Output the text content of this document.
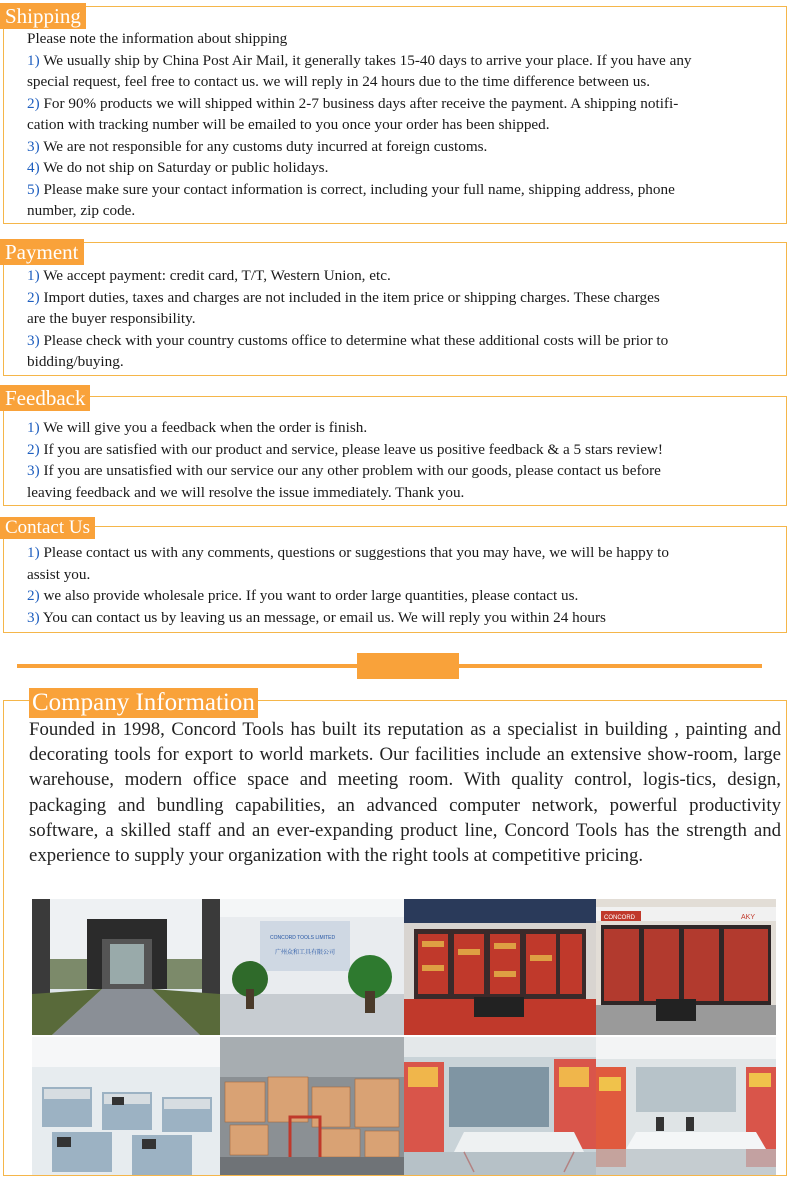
Shipping
Please note the information about shipping
1) We usually ship by China Post Air Mail, it generally takes 15-40 days to arrive your place. If you have any
special request, feel free to contact us. we will reply in 24 hours due to the time difference between us.
2) For 90% products we will shipped within 2-7 business days after receive the payment. A shipping notifi-
cation with tracking number will be emailed to you once your order has been shipped.
3) We are not responsible for any customs duty incurred at foreign customs.
4) We do not ship on Saturday or public holidays.
5) Please make sure your contact information is correct, including your full name, shipping address, phone
number, zip code.
Payment
1) We accept payment: credit card, T/T, Western Union, etc.
2) Import duties, taxes and charges are not included in the item price or shipping charges. These charges
are the buyer responsibility.
3) Please check with your country customs office to determine what these additional costs will be prior to
bidding/buying.
Feedback
1) We will give you a feedback when the order is finish.
2) If you are satisfied with our product and service, please leave us positive feedback & a 5 stars review!
3) If you are unsatisfied with our service our any other problem with our goods, please contact us before
leaving feedback and we will resolve the issue immediately. Thank you.
Contact Us
1) Please contact us with any comments, questions or suggestions that you may have, we will be happy to
assist you.
2) we also provide wholesale price. If you want to order large quantities, please contact us.
3) You can contact us by leaving us an message, or email us. We will reply you within 24 hours
Company Information
Founded in 1998, Concord Tools has built its reputation as a specialist in building , painting and decorating tools for export to world markets. Our facilities include an extensive show-room, large warehouse, modern office space and meeting room. With quality control, logis-tics, design, packaging and bundling capabilities, an advanced computer network, powerful productivity software, a skilled staff and an ever-expanding product line, Concord Tools has the strength and experience to supply your organization with the right tools at competitive pricing.
CONCORD TOOLS LIMITED
广州众和工具有限公司
CONCORD	AKY
